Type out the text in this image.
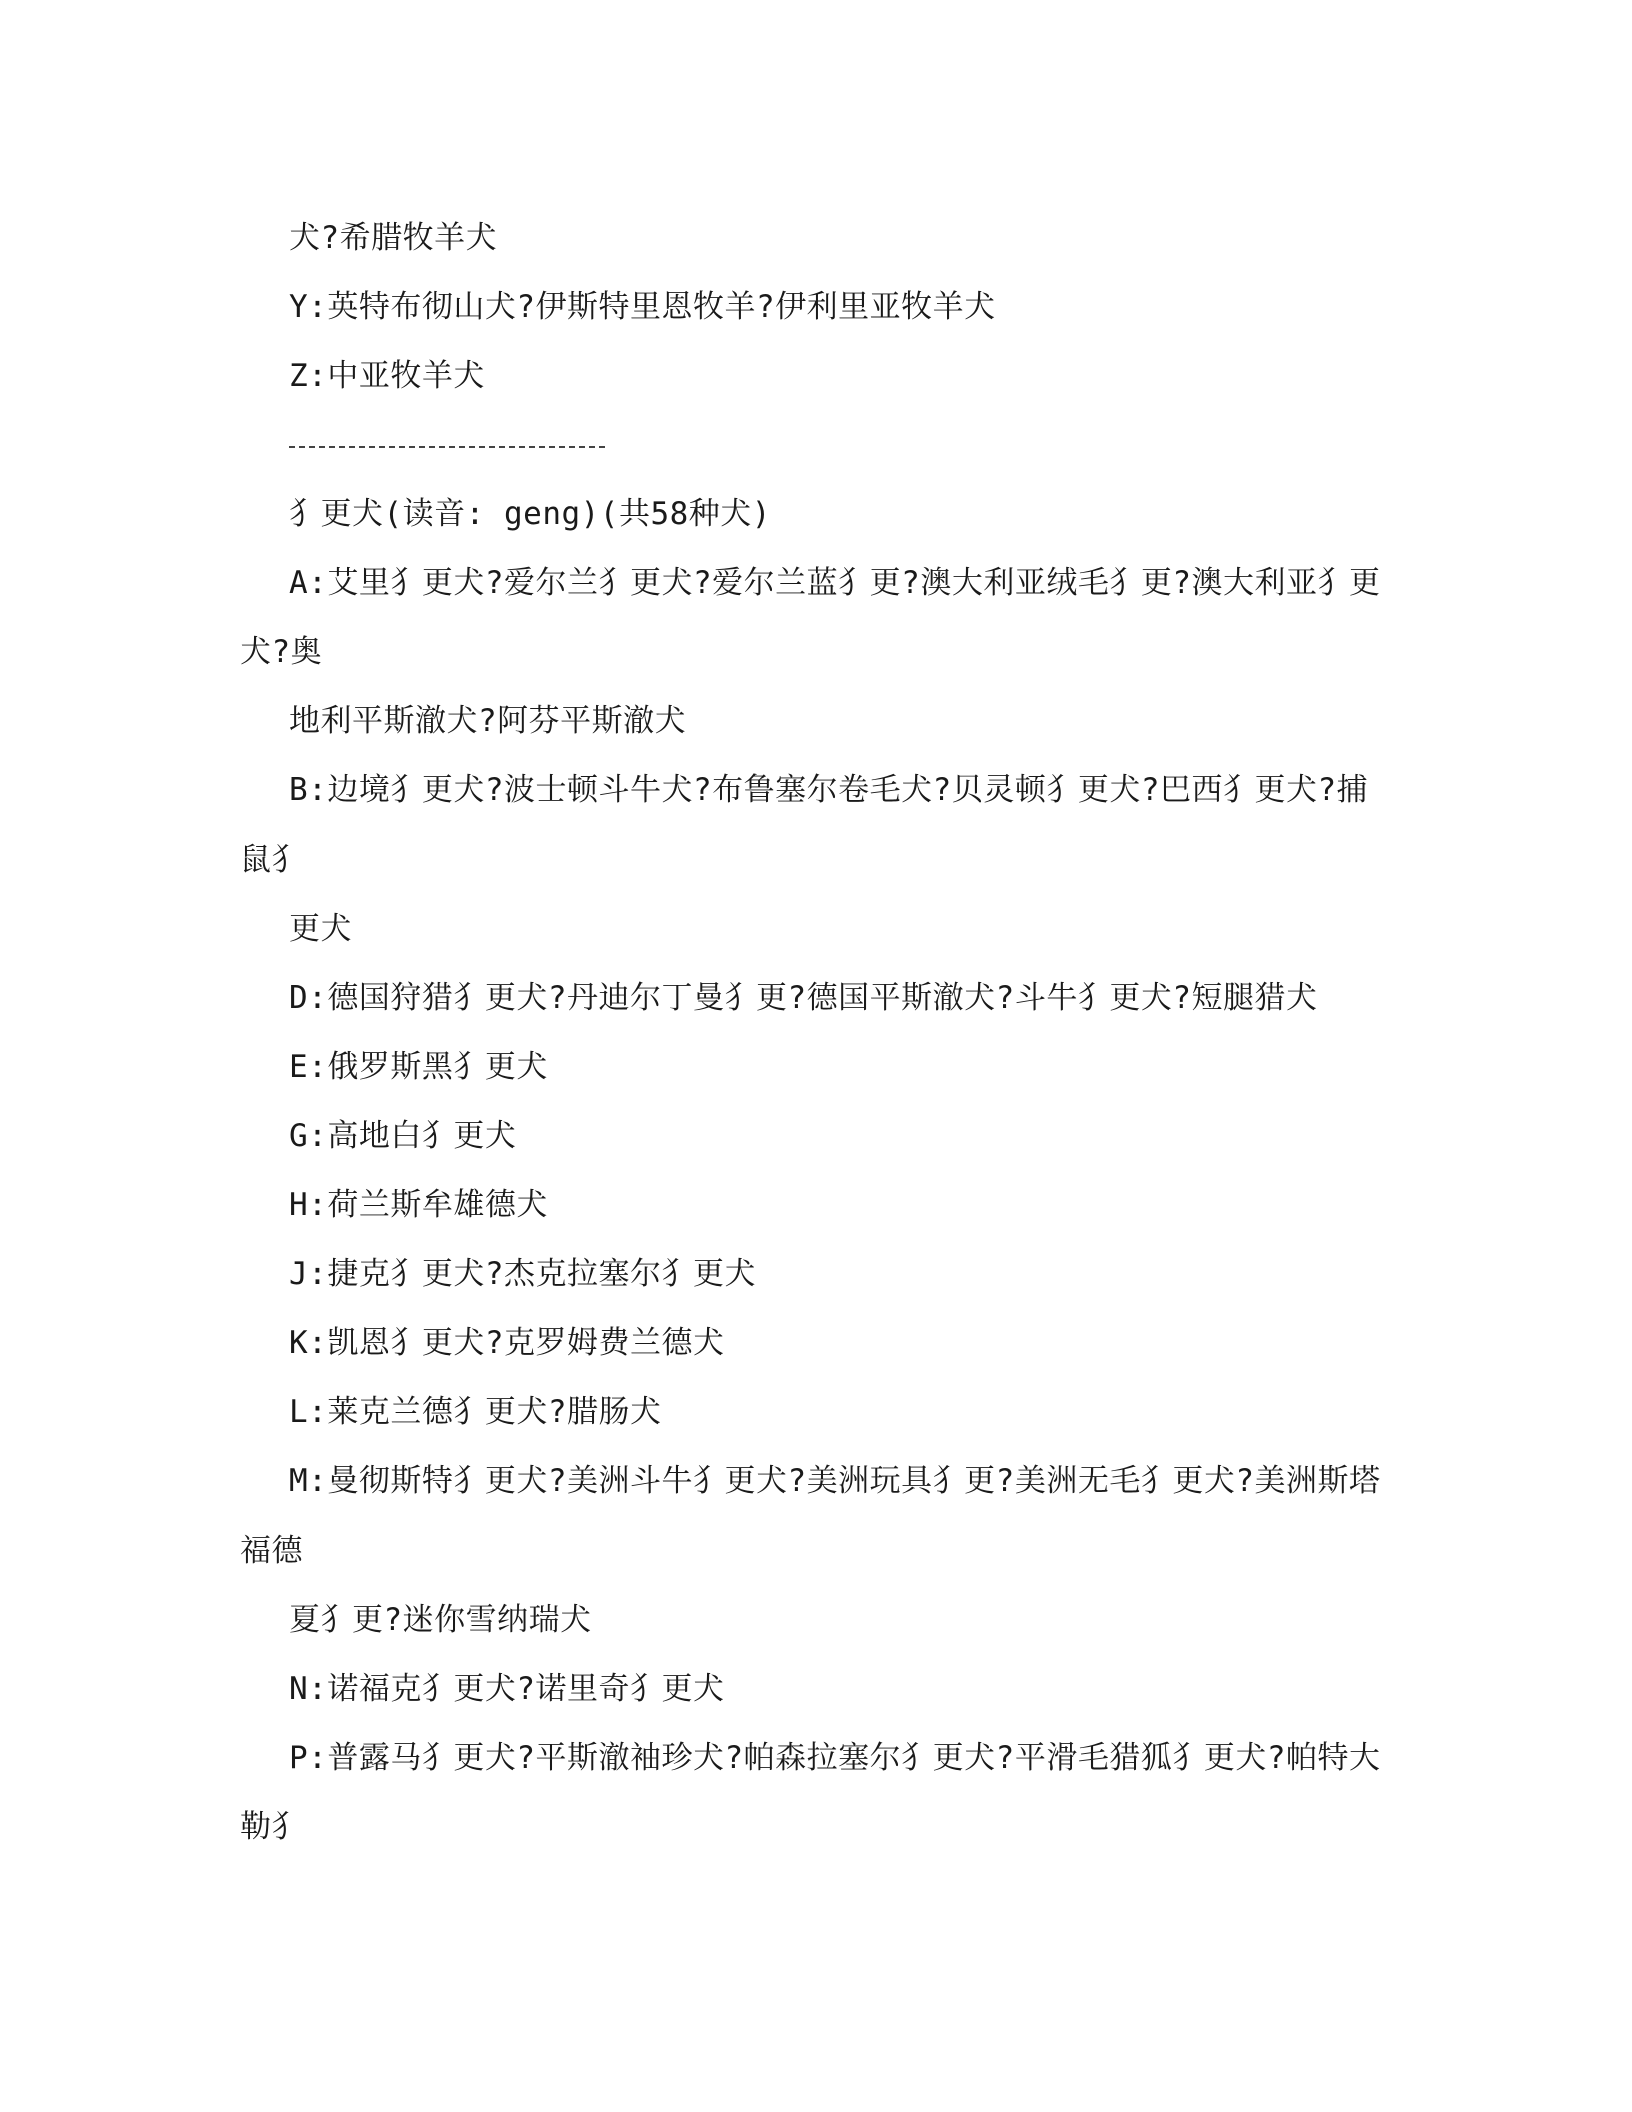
犬?希腊牧羊犬
Y:英特布彻山犬?伊斯特里恩牧羊?伊利里亚牧羊犬
Z:中亚牧羊犬
犭更犬(读音: geng)(共58种犬)
A:艾里犭更犬?爱尔兰犭更犬?爱尔兰蓝犭更?澳大利亚绒毛犭更?澳大利亚犭更
犬?奥
地利平斯澈犬?阿芬平斯澈犬
B:边境犭更犬?波士顿斗牛犬?布鲁塞尔卷毛犬?贝灵顿犭更犬?巴西犭更犬?捕
鼠犭
更犬
D:德国狩猎犭更犬?丹迪尔丁曼犭更?德国平斯澈犬?斗牛犭更犬?短腿猎犬
E:俄罗斯黑犭更犬
G:高地白犭更犬
H:荷兰斯牟雄德犬
J:捷克犭更犬?杰克拉塞尔犭更犬
K:凯恩犭更犬?克罗姆费兰德犬
L:莱克兰德犭更犬?腊肠犬
M:曼彻斯特犭更犬?美洲斗牛犭更犬?美洲玩具犭更?美洲无毛犭更犬?美洲斯塔
福德
夏犭更?迷你雪纳瑞犬
N:诺福克犭更犬?诺里奇犭更犬
P:普露马犭更犬?平斯澈袖珍犬?帕森拉塞尔犭更犬?平滑毛猎狐犭更犬?帕特大
勒犭
